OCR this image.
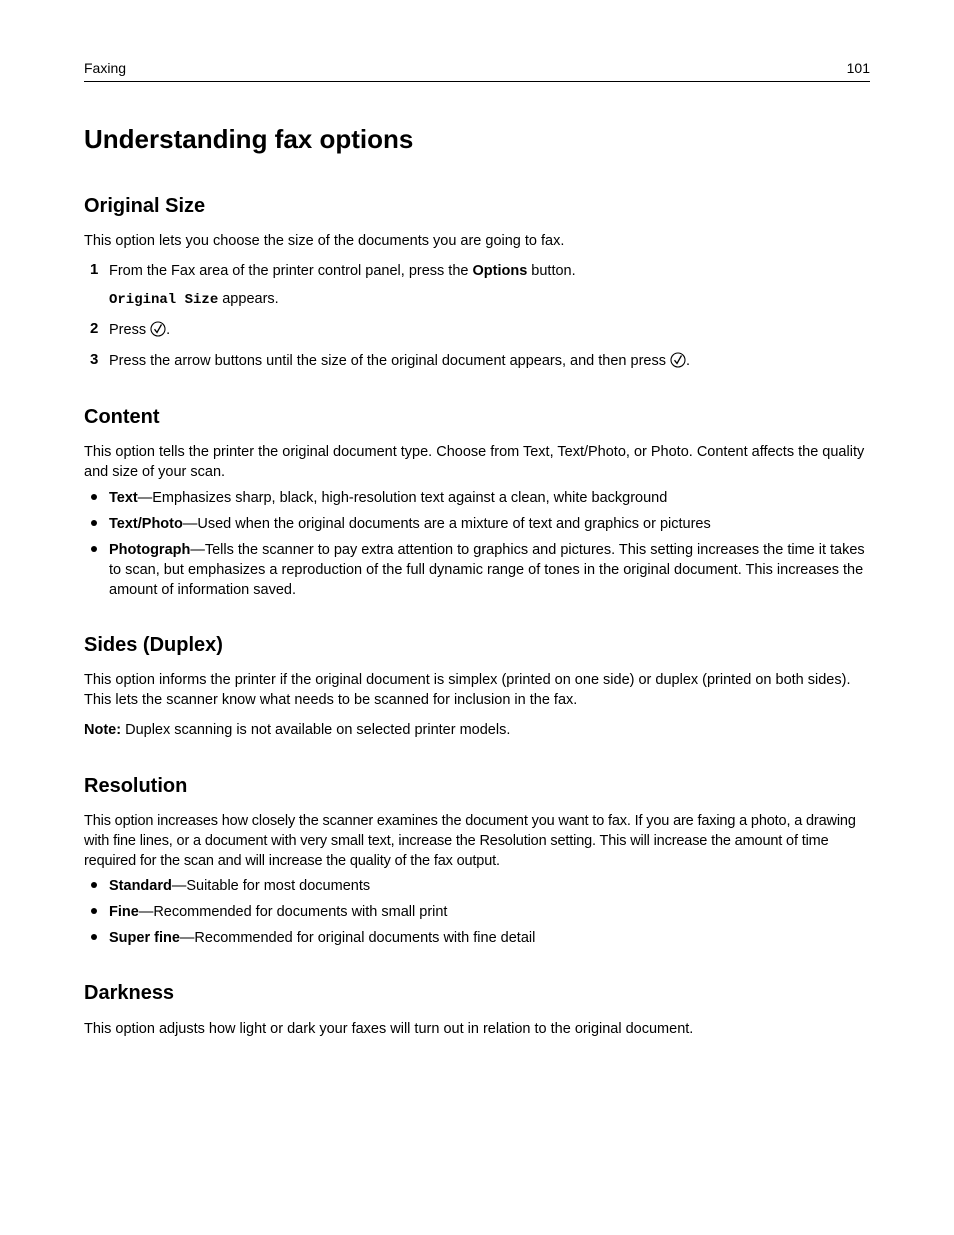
Faxing	101
Understanding fax options
Original Size

This option lets you choose the size of the documents you are going to fax.

1 From the Fax area of the printer control panel, press the Options button.
Original Size appears.
2 Press .
3 Press the arrow buttons until the size of the original document appears, and then press .
Content

This option tells the printer the original document type. Choose from Text, Text/Photo, or Photo. Content affects the quality and size of your scan.

Text—Emphasizes sharp, black, high-resolution text against a clean, white background

Text/Photo—Used when the original documents are a mixture of text and graphics or pictures

Photograph—Tells the scanner to pay extra attention to graphics and pictures. This setting increases the time it takes to scan, but emphasizes a reproduction of the full dynamic range of tones in the original document. This increases the amount of information saved.

Sides (Duplex)

This option informs the printer if the original document is simplex (printed on one side) or duplex (printed on both sides). This lets the scanner know what needs to be scanned for inclusion in the fax.

Note: Duplex scanning is not available on selected printer models.

Resolution

This option increases how closely the scanner examines the document you want to fax. If you are faxing a photo, a drawing with fine lines, or a document with very small text, increase the Resolution setting. This will increase the amount of time required for the scan and will increase the quality of the fax output.

Standard—Suitable for most documents

Fine—Recommended for documents with small print

Super fine—Recommended for original documents with fine detail

Darkness

This option adjusts how light or dark your faxes will turn out in relation to the original document.
